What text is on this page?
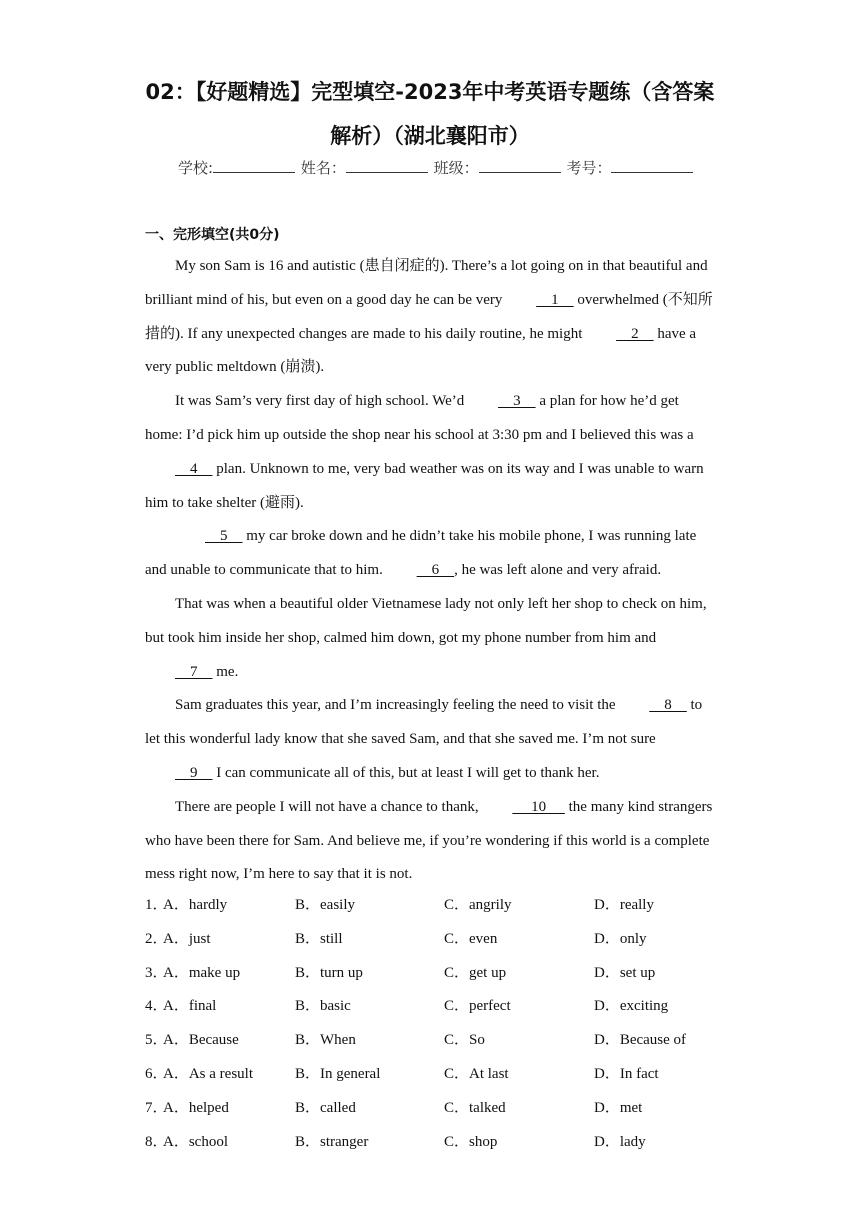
02：【好题精选】完型填空-2023年中考英语专题练（含答案
解析）（湖北襄阳市）
学校:	姓名：	班级：	考号：
一、完形填空(共0分)

My son Sam is 16 and autistic (患自闭症的). There’s a lot going on in that beautiful and brilliant mind of his, but even on a good day he can be very     1     overwhelmed (不知所措的). If any unexpected changes are made to his daily routine, he might     2     have a very public meltdown (崩溃).

It was Sam’s very first day of high school. We’d     3     a plan for how he’d get home: I’d pick him up outside the shop near his school at 3:30 pm and I believed this was a     4     plan. Unknown to me, very bad weather was on its way and I was unable to warn him to take shelter (避雨).

5     my car broke down and he didn’t take his mobile phone, I was running late and unable to communicate that to him.     6    , he was left alone and very afraid.

That was when a beautiful older Vietnamese lady not only left her shop to check on him, but took him inside her shop, calmed him down, got my phone number from him and     7     me.

Sam graduates this year, and I’m increasingly feeling the need to visit the     8     to let this wonderful lady know that she saved Sam, and that she saved me. I’m not sure     9     I can communicate all of this, but at least I will get to thank her.

There are people I will not have a chance to thank,      10      the many kind strangers who have been there for Sam. And believe me, if you’re wondering if this world is a complete mess right now, I’m here to say that it is not.

1．
A．hardly	B．easily	C．angrily	D．really
2．
A．just	B．still	C．even	D．only
3．
A．make up	B．turn up	C．get up	D．set up
4．
A．final	B．basic	C．perfect	D．exciting
5．
A．Because	B．When	C．So	D．Because of
6．
A．As a result	B．In general	C．At last	D．In fact
7．
A．helped	B．called	C．talked	D．met
8．
A．school	B．stranger	C．shop	D．lady
